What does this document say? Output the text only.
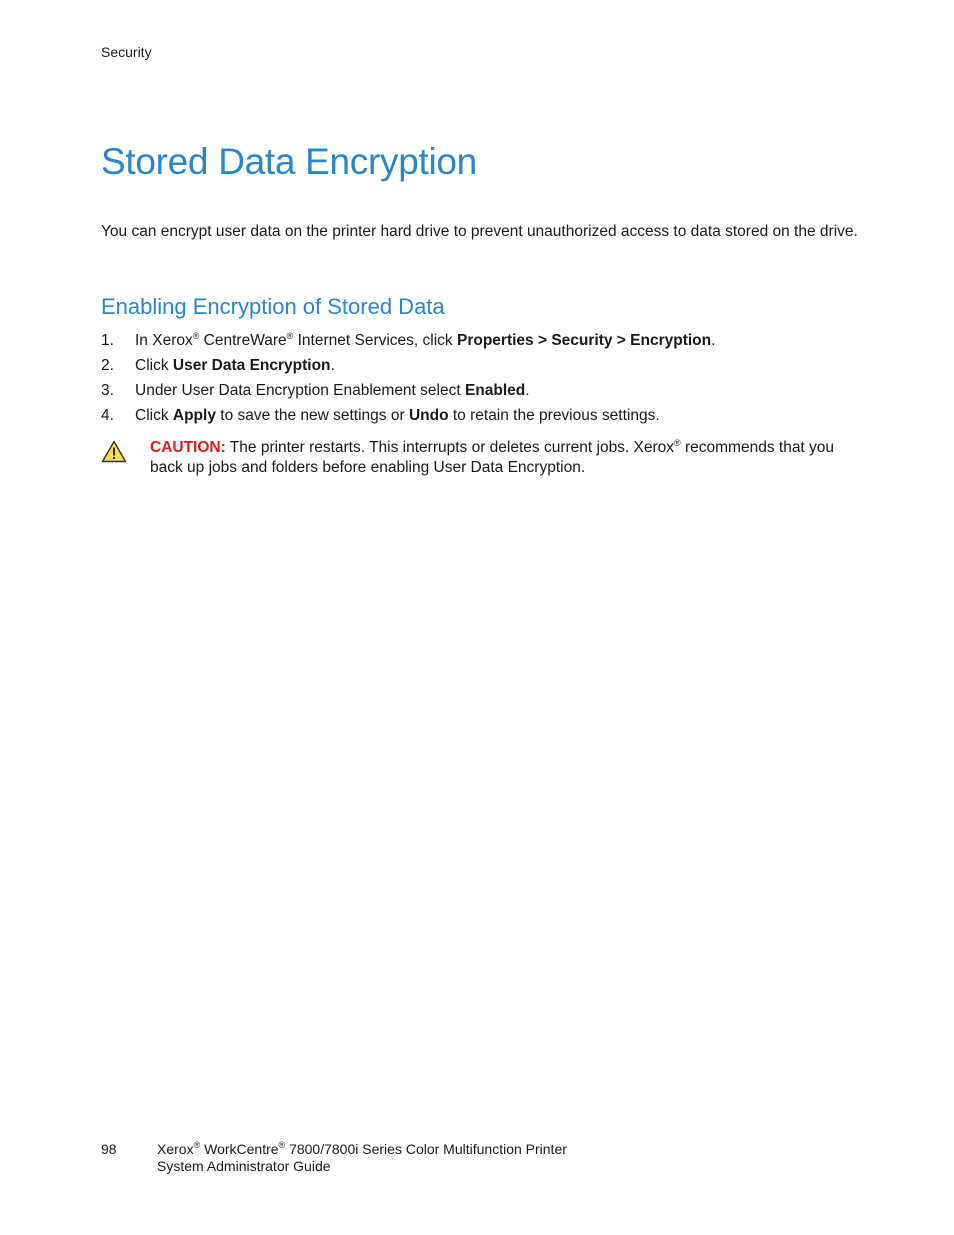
Security
Stored Data Encryption

You can encrypt user data on the printer hard drive to prevent unauthorized access to data stored on the drive.

Enabling Encryption of Stored Data
1. In Xerox® CentreWare® Internet Services, click Properties > Security > Encryption.
2. Click User Data Encryption.
3. Under User Data Encryption Enablement select Enabled.
4. Click Apply to save the new settings or Undo to retain the previous settings.

CAUTION: The printer restarts. This interrupts or deletes current jobs. Xerox® recommends that you back up jobs and folders before enabling User Data Encryption.

98	Xerox® WorkCentre® 7800/7800i Series Color Multifunction Printer
System Administrator Guide
